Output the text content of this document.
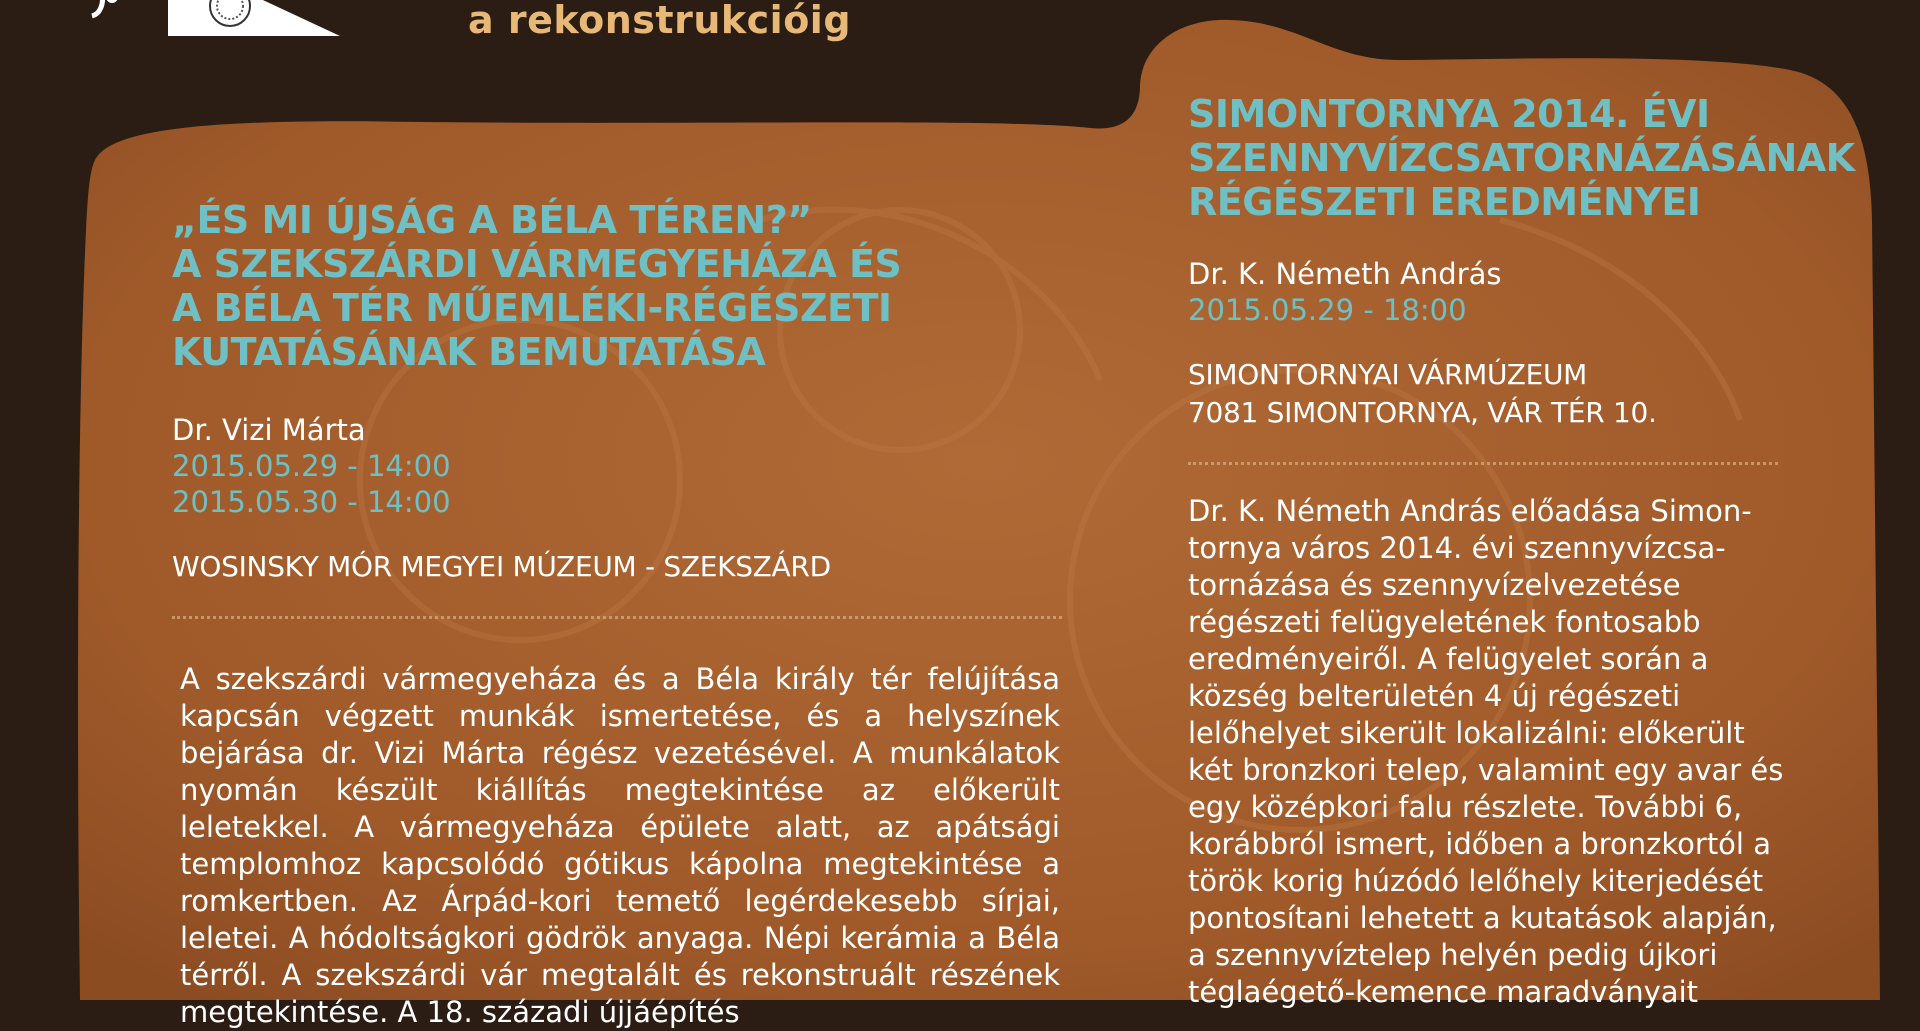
a rekonstrukcióig
„ÉS MI ÚJSÁG A BÉLA TÉREN?”
A SZEKSZÁRDI VÁRMEGYEHÁZA ÉS
A BÉLA TÉR MŰEMLÉKI-RÉGÉSZETI
KUTATÁSÁNAK BEMUTATÁSA
Dr. Vizi Márta
2015.05.29 - 14:00
2015.05.30 - 14:00
WOSINSKY MÓR MEGYEI MÚZEUM - SZEKSZÁRD
A szekszárdi vármegyeháza és a Béla király tér felújítása kapcsán végzett munkák ismertetése, és a helyszínek bejárása dr. Vizi Márta régész vezetésével. A munkálatok nyomán készült kiállítás megtekintése az előkerült leletekkel. A vármegyeháza épülete alatt, az apátsági templomhoz kapcsolódó gótikus kápolna megtekintése a romkertben. Az Árpád-kori temető legérdekesebb sírjai, leletei. A hódoltságkori gödrök anyaga. Népi kerámia a Béla térről. A szekszárdi vár megtalált és rekonstruált részének megtekintése. A 18. századi újjáépítés
SIMONTORNYA 2014. ÉVI
SZENNYVÍZCSATORNÁZÁSÁNAK
RÉGÉSZETI EREDMÉNYEI
Dr. K. Németh András
2015.05.29 - 18:00
SIMONTORNYAI VÁRMÚZEUM
7081 SIMONTORNYA, VÁR TÉR 10.
Dr. K. Németh András előadása Simon-
tornya város 2014. évi szennyvízcsa-
tornázása és szennyvízelvezetése
régészeti felügyeletének fontosabb
eredményeiről. A felügyelet során a
község belterületén 4 új régészeti
lelőhelyet sikerült lokalizálni: előkerült
két bronzkori telep, valamint egy avar és
egy középkori falu részlete. További 6,
korábbról ismert, időben a bronzkortól a
török korig húzódó lelőhely kiterjedését
pontosítani lehetett a kutatások alapján,
a szennyvíztelep helyén pedig újkori
téglaégető-kemence maradványait
